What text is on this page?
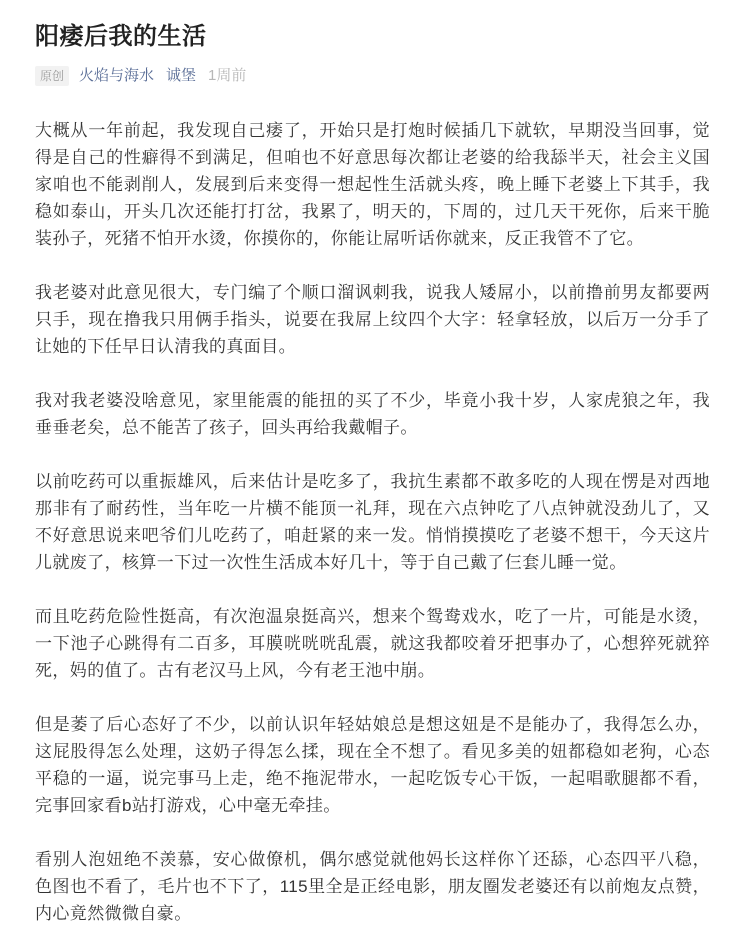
阳痿后我的生活
原创	火焰与海水 诚堡 1周前

大概从一年前起，我发现自己痿了，开始只是打炮时候插几下就软，早期没当回事，觉得是自己的性癖得不到满足，但咱也不好意思每次都让老婆的给我舔半天，社会主义国家咱也不能剥削人，发展到后来变得一想起性生活就头疼，晚上睡下老婆上下其手，我稳如泰山，开头几次还能打打岔，我累了，明天的，下周的，过几天干死你，后来干脆装孙子，死猪不怕开水烫，你摸你的，你能让屌听话你就来，反正我管不了它。

我老婆对此意见很大，专门编了个顺口溜讽刺我，说我人矮屌小，以前撸前男友都要两只手，现在撸我只用俩手指头，说要在我屌上纹四个大字：轻拿轻放，以后万一分手了让她的下任早日认清我的真面目。

我对我老婆没啥意见，家里能震的能扭的买了不少，毕竟小我十岁，人家虎狼之年，我垂垂老矣，总不能苦了孩子，回头再给我戴帽子。

以前吃药可以重振雄风，后来估计是吃多了，我抗生素都不敢多吃的人现在愣是对西地那非有了耐药性，当年吃一片横不能顶一礼拜，现在六点钟吃了八点钟就没劲儿了，又不好意思说来吧爷们儿吃药了，咱赶紧的来一发。悄悄摸摸吃了老婆不想干，今天这片儿就废了，核算一下过一次性生活成本好几十，等于自己戴了仨套儿睡一觉。

而且吃药危险性挺高，有次泡温泉挺高兴，想来个鸳鸯戏水，吃了一片，可能是水烫，一下池子心跳得有二百多，耳膜咣咣咣乱震，就这我都咬着牙把事办了，心想猝死就猝死，妈的值了。古有老汉马上风，今有老王池中崩。

但是萎了后心态好了不少，以前认识年轻姑娘总是想这妞是不是能办了，我得怎么办，这屁股得怎么处理，这奶子得怎么揉，现在全不想了。看见多美的妞都稳如老狗，心态平稳的一逼，说完事马上走，绝不拖泥带水，一起吃饭专心干饭，一起唱歌腿都不看，完事回家看b站打游戏，心中毫无牵挂。

看别人泡妞绝不羡慕，安心做僚机，偶尔感觉就他妈长这样你丫还舔，心态四平八稳，色图也不看了，毛片也不下了，115里全是正经电影，朋友圈发老婆还有以前炮友点赞，内心竟然微微自豪。
